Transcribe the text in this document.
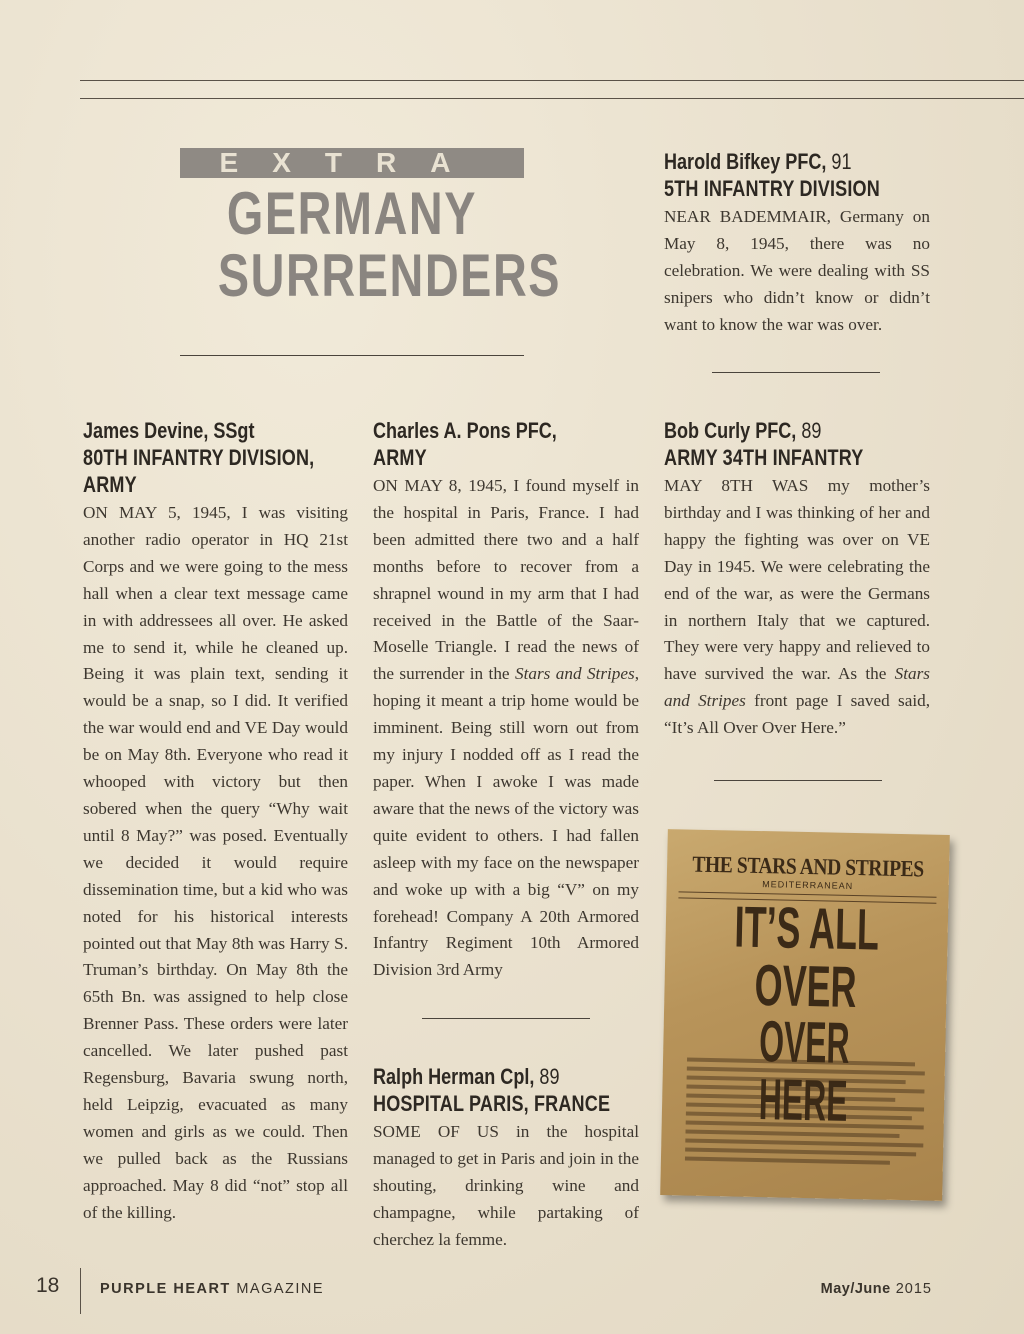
EXTRA
GERMANY
SURRENDERS
Harold Bifkey PFC, 91
5TH INFANTRY DIVISION

NEAR BADEMMAIR, Germany on May 8, 1945, there was no celebration. We were dealing with SS snipers who didn’t know or didn’t want to know the war was over.

James Devine, SSgt
80TH INFANTRY DIVISION,
ARMY

ON MAY 5, 1945, I was visiting another radio operator in HQ 21st Corps and we were going to the mess hall when a clear text message came in with addressees all over. He asked me to send it, while he cleaned up. Being it was plain text, sending it would be a snap, so I did. It verified the war would end and VE Day would be on May 8th. Everyone who read it whooped with victory but then sobered when the query “Why wait until 8 May?” was posed. Eventually we decided it would require dissemination time, but a kid who was noted for his historical interests pointed out that May 8th was Harry S. Truman’s birthday. On May 8th the 65th Bn. was assigned to help close Brenner Pass. These orders were later cancelled. We later pushed past Regensburg, Bavaria swung north, held Leipzig, evacuated as many women and girls as we could. Then we pulled back as the Russians approached. May 8 did “not” stop all of the killing.

Charles A. Pons PFC,
ARMY

ON MAY 8, 1945, I found myself in the hospital in Paris, France. I had been admitted there two and a half months before to recover from a shrapnel wound in my arm that I had received in the Battle of the Saar-Moselle Triangle. I read the news of the surrender in the Stars and Stripes, hoping it meant a trip home would be imminent. Being still worn out from my injury I nodded off as I read the paper. When I awoke I was made aware that the news of the victory was quite evident to others. I had fallen asleep with my face on the newspaper and woke up with a big “V” on my forehead! Company A 20th Armored Infantry Regiment 10th Armored Division 3rd Army

Ralph Herman Cpl, 89
HOSPITAL PARIS, FRANCE

SOME OF US in the hospital managed to get in Paris and join in the shouting, drinking wine and champagne, while partaking of cherchez la femme.

Bob Curly PFC, 89
ARMY 34TH INFANTRY

MAY 8TH WAS my mother’s birthday and I was thinking of her and happy the fighting was over on VE Day in 1945. We were celebrating the end of the war, as were the Germans in northern Italy that we captured. They were very happy and relieved to have survived the war. As the Stars and Stripes front page I saved said, “It’s All Over Over Here.”

THE STARS AND STRIPES
MEDITERRANEAN
IT’S ALL
OVER
OVER HERE
18	PURPLE HEART MAGAZINE	May/June 2015
